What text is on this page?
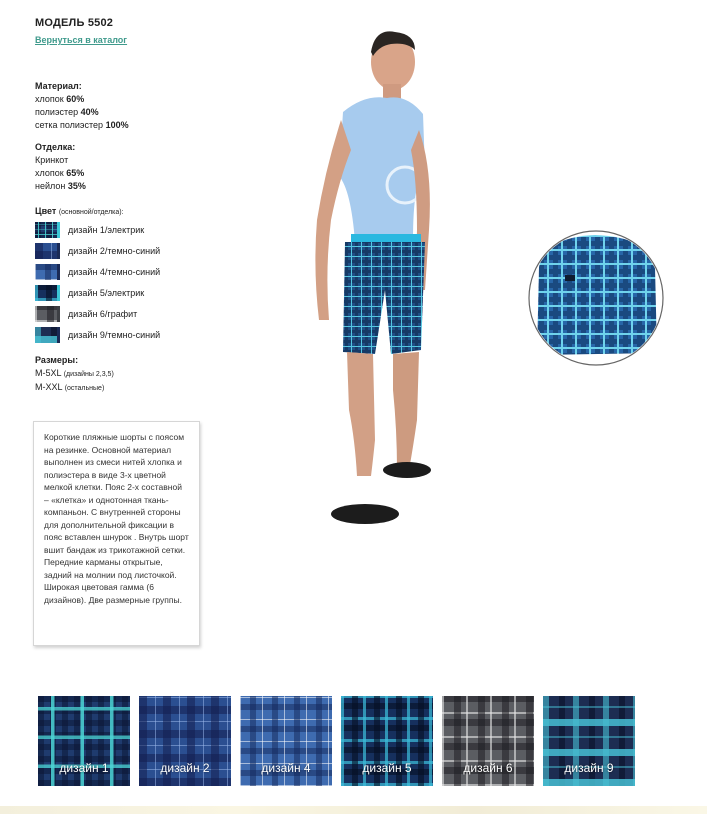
МОДЕЛЬ 5502
Вернуться в каталог
Материал:
хлопок 60%
полиэстер 40%
сетка полиэстер 100%
Отделка:
Кринкот
хлопок 65%
нейлон 35%
Цвет (основной/отделка):
дизайн 1/электрик
дизайн 2/темно-синий
дизайн 4/темно-синий
дизайн 5/электрик
дизайн 6/графит
дизайн 9/темно-синий
Размеры:
M-5XL (дизайны 2,3,5)
M-XXL (остальные)
Короткие пляжные шорты с поясом на резинке. Основной материал выполнен из смеси нитей хлопка и полиэстера в виде 3-х цветной мелкой клетки. Пояс 2-х составной – «клетка» и однотонная ткань-компаньон. С внутренней стороны для дополнительной фиксации в пояс вставлен шнурок . Внутрь шорт вшит бандаж из трикотажной сетки. Передние карманы открытые, задний на молнии под листочкой. Широкая цветовая гамма (6 дизайнов). Две размерные группы.
дизайн 1	дизайн 2	дизайн 4	дизайн 5	дизайн 6	дизайн 9
